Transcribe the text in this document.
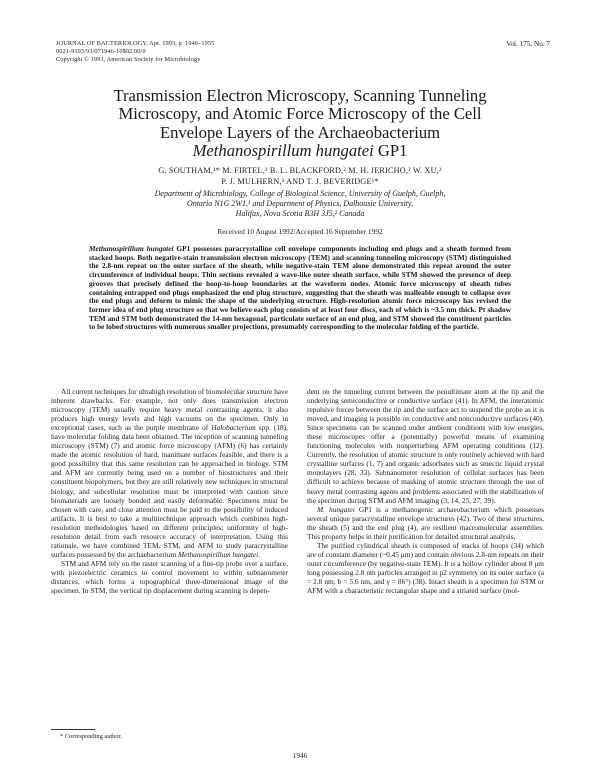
JOURNAL OF BACTERIOLOGY, Apr. 1993, p. 1946–1955
0021-9193/93/071946-10$02.00/0
Copyright © 1993, American Society for Microbiology
Vol. 175, No. 7
Transmission Electron Microscopy, Scanning Tunneling
Microscopy, and Atomic Force Microscopy of the Cell
Envelope Layers of the Archaeobacterium
Methanospirillum hungatei GP1
G. SOUTHAM,¹* M. FIRTEL,² B. L. BLACKFORD,² M. H. JERICHO,² W. XU,²
P. J. MULHERN,² AND T. J. BEVERIDGE¹*
Department of Microbiology, College of Biological Science, University of Guelph, Guelph,
Ontario N1G 2W1,¹ and Department of Physics, Dalhousie University,
Halifax, Nova Scotia B3H 3J5,² Canada
Received 10 August 1992/Accepted 16 September 1992
Methanospirillum hungatei GP1 possesses paracrystalline cell envelope components including end plugs and a sheath formed from stacked hoops. Both negative-stain transmission electron microscopy (TEM) and scanning tunneling microscopy (STM) distinguished the 2.8-nm repeat on the outer surface of the sheath, while negative-stain TEM alone demonstrated this repeat around the outer circumference of individual hoops. Thin sections revealed a wave-like outer sheath surface, while STM showed the presence of deep grooves that precisely defined the hoop-to-hoop boundaries at the waveform nodes. Atomic force microscopy of sheath tubes containing entrapped end plugs emphasized the end plug structure, suggesting that the sheath was malleable enough to collapse over the end plugs and deform to mimic the shape of the underlying structure. High-resolution atomic force microscopy has revised the former idea of end plug structure so that we believe each plug consists of at least four discs, each of which is ~3.5 nm thick. Pt shadow TEM and STM both demonstrated the 14-nm hexagonal, particulate surface of an end plug, and STM showed the constituent particles to be lobed structures with numerous smaller projections, presumably corresponding to the molecular folding of the particle.

All current techniques for ultrahigh resolution of biomolecular structure have inherent drawbacks. For example, not only does transmission electron microscopy (TEM) usually require heavy metal contrasting agents, it also produces high energy levels and high vacuums on the specimen. Only in exceptional cases, such as the purple membrane of Halobacterium spp. (18), have molecular folding data been obtained. The inception of scanning tunneling microscopy (STM) (7) and atomic force microscopy (AFM) (6) has certainly made the atomic resolution of hard, inanimate surfaces feasible, and there is a good possibility that this same resolution can be approached in biology. STM and AFM are currently being used on a number of biostructures and their constituent biopolymers, but they are still relatively new techniques in structural biology, and subcellular resolution must be interpreted with caution since biomaterials are loosely bonded and easily deformable. Specimens must be chosen with care, and close attention must be paid to the possibility of induced artifacts. It is best to take a multitechnique approach which combines high-resolution methodologies based on different principles; uniformity of high-resolution detail from each resource accuracy of interpretation. Using this rationale, we have combined TEM, STM, and AFM to study paracrystalline surfaces possessed by the archaebacterium Methanospirillum hungatei.

STM and AFM rely on the raster scanning of a fine-tip probe over a surface, with piezoelectric ceramics to control movement to within subnanometer distances, which forms a topographical three-dimensional image of the specimen. In STM, the vertical tip displacement during scanning is depen-

dent on the tunneling current between the penultimate atom at the tip and the underlying semiconductive or conductive surface (41). In AFM, the interatomic repulsive forces between the tip and the surface act to suspend the probe as it is moved, and imaging is possible on conductive and nonconductive surfaces (40). Since specimens can be scanned under ambient conditions with low energies, these microscopes offer a (potentially) powerful means of examining functioning molecules with nonperturbing AFM operating conditions (12). Currently, the resolution of atomic structure is only routinely achieved with hard crystalline surfaces (1, 7) and organic adsorbates such as smectic liquid crystal monolayers (28, 33). Subnanometer resolution of cellular surfaces has been difficult to achieve because of masking of atomic structure through the use of heavy metal contrasting agents and problems associated with the stabilization of the specimen during STM and AFM imaging (3, 14, 25, 27, 39).

M. hungatei GP1 is a methanogenic archaeobacterium which possesses several unique paracrystalline envelope structures (42). Two of these structures, the sheath (5) and the end plug (4), are resilient macromolecular assemblies. This property helps in their purification for detailed structural analysis.

The purified cylindrical sheath is composed of stacks of hoops (34) which are of constant diameter (~0.45 μm) and contain obvious 2.8-nm repeats on their outer circumference (by negative-stain TEM). It is a hollow cylinder about 8 μm long possessing 2.8 nm particles arranged in p2 symmetry on its outer surface (a = 2.8 nm, b = 5.6 nm, and γ = 86°) (38). Intact sheath is a specimen for STM or AFM with a characteristic rectangular shape and a striated surface (mol-

* Corresponding author.
1946
